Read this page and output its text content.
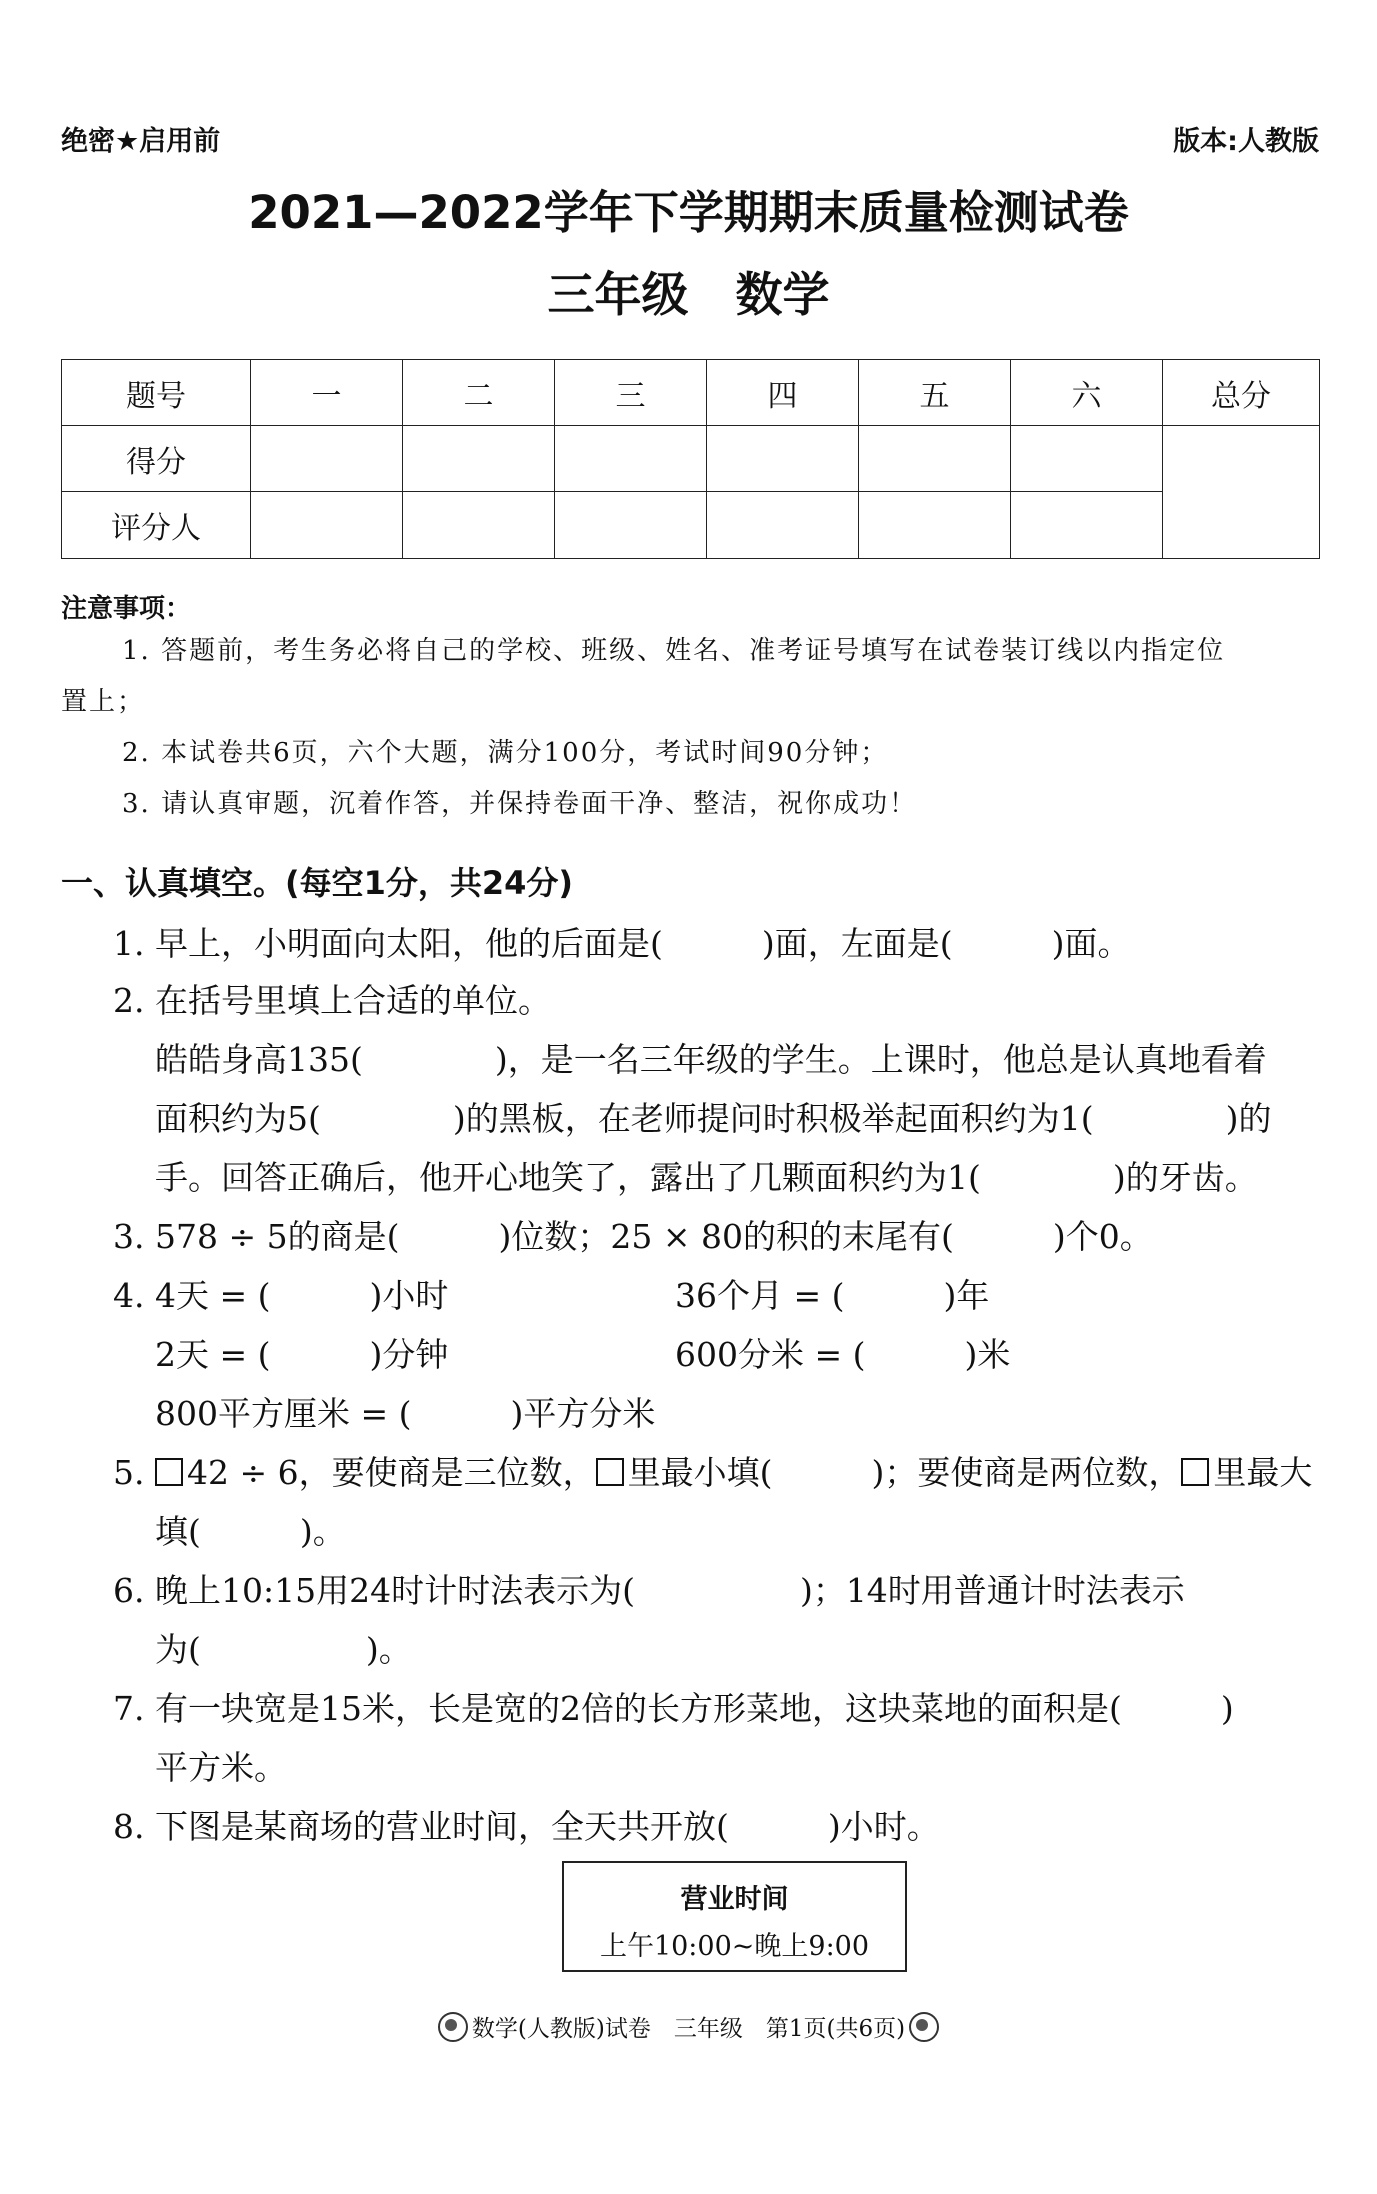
绝密★启用前	版本:人教版
2021—2022学年下学期期末质量检测试卷
三年级　数学
题号	一	二	三	四	五	六	总分
得分							
评分人							
注意事项：
1. 答题前，考生务必将自己的学校、班级、姓名、准考证号填写在试卷装订线以内指定位
置上；
2. 本试卷共6页，六个大题，满分100分，考试时间90分钟；
3. 请认真审题，沉着作答，并保持卷面干净、整洁，祝你成功！
一、认真填空。(每空1分，共24分)
1. 早上，小明面向太阳，他的后面是(　　　)面，左面是(　　　)面。
2. 在括号里填上合适的单位。
皓皓身高135(　　　　)，是一名三年级的学生。上课时，他总是认真地看着
面积约为5(　　　　)的黑板，在老师提问时积极举起面积约为1(　　　　)的
手。回答正确后，他开心地笑了，露出了几颗面积约为1(　　　　)的牙齿。
3. 578 ÷ 5的商是(　　　)位数；25 × 80的积的末尾有(　　　)个0。
4. 4天 = (　　　)小时	36个月 = (　　　)年
2天 = (　　　)分钟	600分米 = (　　　)米
800平方厘米 = (　　　)平方分米
5. 42 ÷ 6，要使商是三位数， 里最小填(　　　)；要使商是两位数， 里最大
填(　　　)。
6. 晚上10:15用24时计时法表示为(　　　　　)；14时用普通计时法表示
为(　　　　　)。
7. 有一块宽是15米，长是宽的2倍的长方形菜地，这块菜地的面积是(　　　)
平方米。
8. 下图是某商场的营业时间，全天共开放(　　　)小时。
营业时间
上午10:00~晚上9:00
数学(人教版)试卷　三年级　第1页(共6页)
